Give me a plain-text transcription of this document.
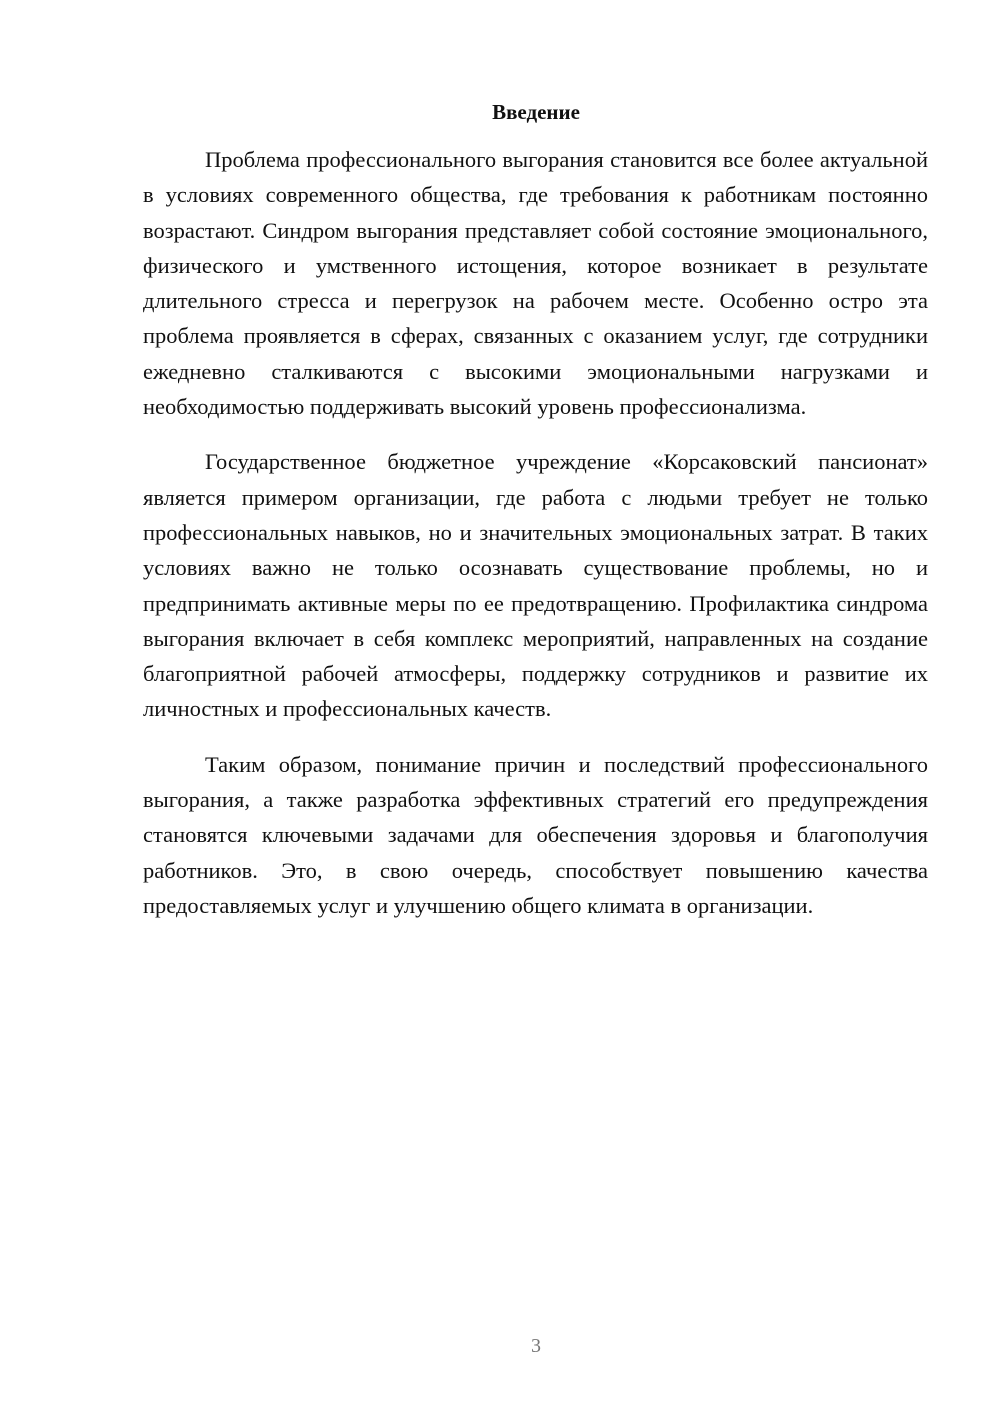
Введение

Проблема профессионального выгорания становится все более актуальной в условиях современного общества, где требования к работникам постоянно возрастают. Синдром выгорания представляет собой состояние эмоционального, физического и умственного истощения, которое возникает в результате длительного стресса и перегрузок на рабочем месте. Особенно остро эта проблема проявляется в сферах, связанных с оказанием услуг, где сотрудники ежедневно сталкиваются с высокими эмоциональными нагрузками и необходимостью поддерживать высокий уровень профессионализма.

Государственное бюджетное учреждение «Корсаковский пансионат» является примером организации, где работа с людьми требует не только профессиональных навыков, но и значительных эмоциональных затрат. В таких условиях важно не только осознавать существование проблемы, но и предпринимать активные меры по ее предотвращению. Профилактика синдрома выгорания включает в себя комплекс мероприятий, направленных на создание благоприятной рабочей атмосферы, поддержку сотрудников и развитие их личностных и профессиональных качеств.

Таким образом, понимание причин и последствий профессионального выгорания, а также разработка эффективных стратегий его предупреждения становятся ключевыми задачами для обеспечения здоровья и благополучия работников. Это, в свою очередь, способствует повышению качества предоставляемых услуг и улучшению общего климата в организации.

3
